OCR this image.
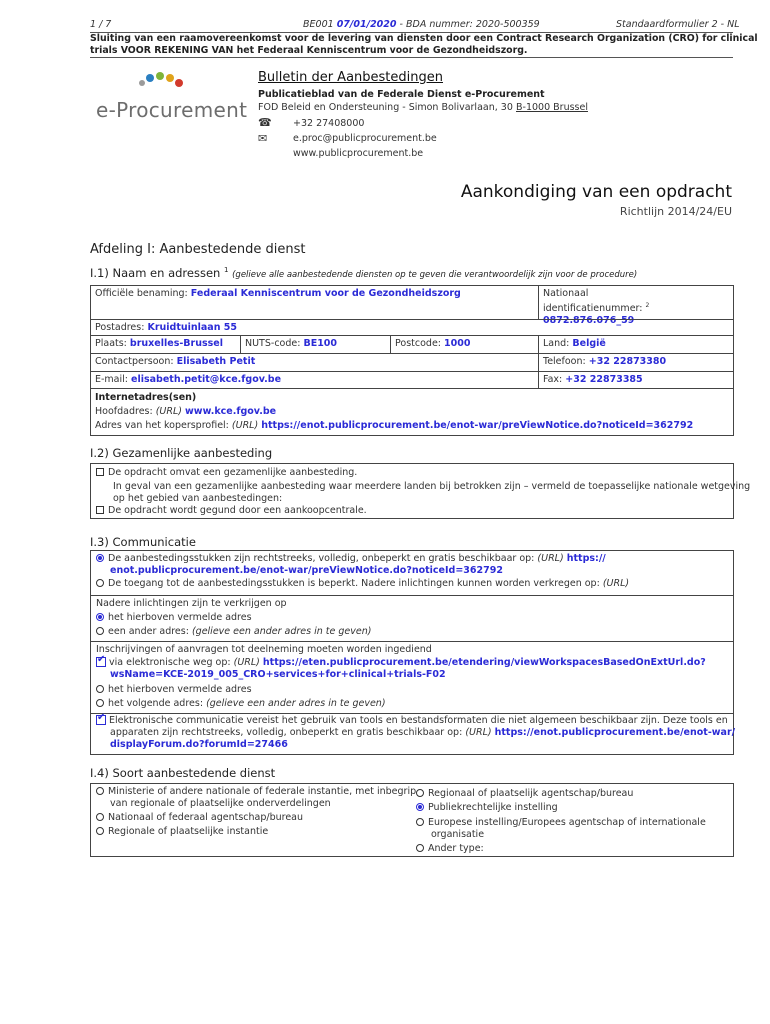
1 / 7	BE001 07/01/2020 - BDA nummer: 2020-500359	Standaardformulier 2 - NL
Sluiting van een raamovereenkomst voor de levering van diensten door een Contract Research Organization (CRO) for clinical
trials VOOR REKENING VAN het Federaal Kenniscentrum voor de Gezondheidszorg.
e-Procurement
Bulletin der Aanbestedingen
Publicatieblad van de Federale Dienst e-Procurement
FOD Beleid en Ondersteuning - Simon Bolivarlaan, 30 B-1000 Brussel
☎ +32 27408000
✉	e.proc@publicprocurement.be
www.publicprocurement.be
Aankondiging van een opdracht
Richtlijn 2014/24/EU
Afdeling I: Aanbestedende dienst
I.1) Naam en adressen $^1$ (gelieve alle aanbestedende diensten op te geven die verantwoordelijk zijn voor de procedure)
Officiële benaming: Federaal Kenniscentrum voor de Gezondheidszorg	Nationaal
identificatienummer: $^2$ 0872.876.076_59
Postadres: Kruidtuinlaan 55
Plaats: bruxelles-Brussel	NUTS-code: BE100	Postcode: 1000	Land: België
Contactpersoon: Elisabeth Petit	Telefoon: +32 22873380
E-mail: elisabeth.petit@kce.fgov.be	Fax: +32 22873385
Internetadres(sen)
Hoofdadres: (URL) www.kce.fgov.be
Adres van het kopersprofiel: (URL) https://enot.publicprocurement.be/enot-war/preViewNotice.do?noticeId=362792
I.2) Gezamenlijke aanbesteding
De opdracht omvat een gezamenlijke aanbesteding.
In geval van een gezamenlijke aanbesteding waar meerdere landen bij betrokken zijn – vermeld de toepasselijke nationale wetgeving
op het gebied van aanbestedingen:
De opdracht wordt gegund door een aankoopcentrale.
I.3) Communicatie
De aanbestedingsstukken zijn rechtstreeks, volledig, onbeperkt en gratis beschikbaar op: (URL) https://
enot.publicprocurement.be/enot-war/preViewNotice.do?noticeId=362792
De toegang tot de aanbestedingsstukken is beperkt. Nadere inlichtingen kunnen worden verkregen op: (URL)
Nadere inlichtingen zijn te verkrijgen op
het hierboven vermelde adres
een ander adres: (gelieve een ander adres in te geven)
Inschrijvingen of aanvragen tot deelneming moeten worden ingediend
✔via elektronische weg op: (URL) https://eten.publicprocurement.be/etendering/viewWorkspacesBasedOnExtUrl.do?
wsName=KCE-2019_005_CRO+services+for+clinical+trials-F02
het hierboven vermelde adres
het volgende adres: (gelieve een ander adres in te geven)
✔Elektronische communicatie vereist het gebruik van tools en bestandsformaten die niet algemeen beschikbaar zijn. Deze tools en
apparaten zijn rechtstreeks, volledig, onbeperkt en gratis beschikbaar op: (URL) https://enot.publicprocurement.be/enot-war/
displayForum.do?forumId=27466
I.4) Soort aanbestedende dienst
Ministerie of andere nationale of federale instantie, met inbegrip
van regionale of plaatselijke onderverdelingen
Nationaal of federaal agentschap/bureau
Regionale of plaatselijke instantie
Regionaal of plaatselijk agentschap/bureau
Publiekrechtelijke instelling
Europese instelling/Europees agentschap of internationale
organisatie
Ander type:
